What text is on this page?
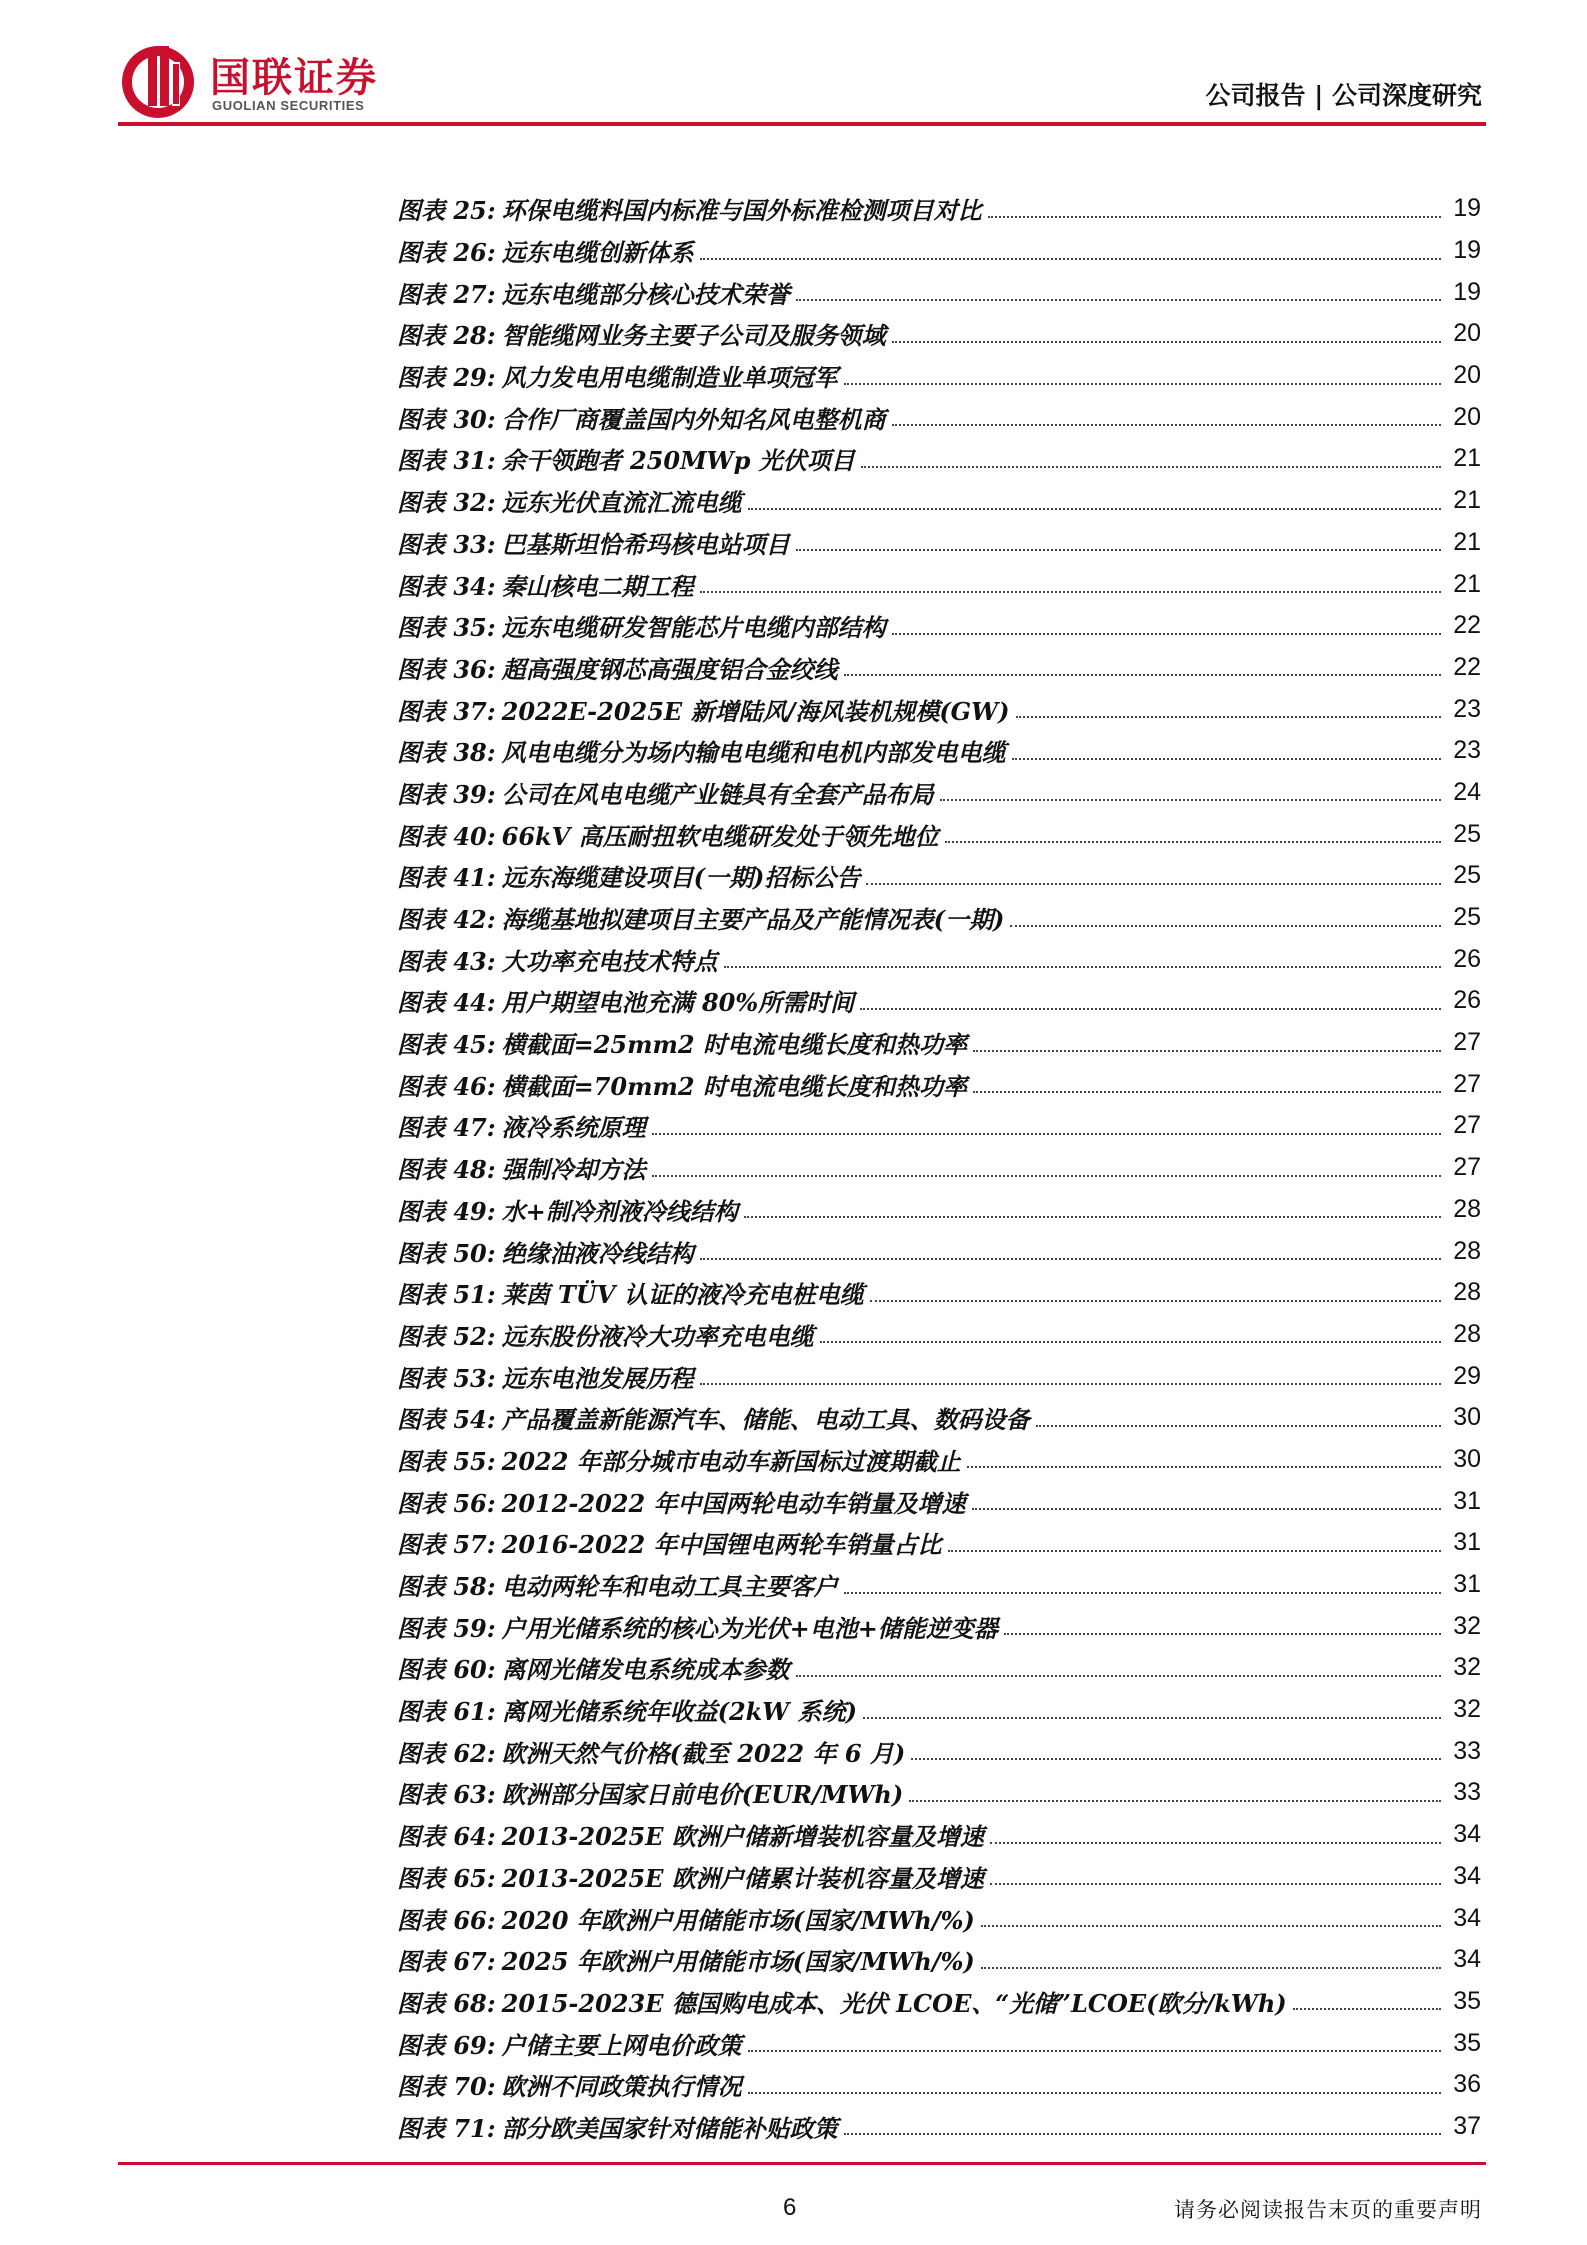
国联证券
GUOLIAN SECURITIES	公司报告 | 公司深度研究
图表 25: 环保电缆料国内标准与国外标准检测项目对比	19
图表 26: 远东电缆创新体系	19
图表 27: 远东电缆部分核心技术荣誉	19
图表 28: 智能缆网业务主要子公司及服务领域	20
图表 29: 风力发电用电缆制造业单项冠军	20
图表 30: 合作厂商覆盖国内外知名风电整机商	20
图表 31: 余干领跑者 250MWp 光伏项目	21
图表 32: 远东光伏直流汇流电缆	21
图表 33: 巴基斯坦恰希玛核电站项目	21
图表 34: 秦山核电二期工程	21
图表 35: 远东电缆研发智能芯片电缆内部结构	22
图表 36: 超高强度钢芯高强度铝合金绞线	22
图表 37: 2022E-2025E 新增陆风/海风装机规模(GW)	23
图表 38: 风电电缆分为场内输电电缆和电机内部发电电缆	23
图表 39: 公司在风电电缆产业链具有全套产品布局	24
图表 40: 66kV 高压耐扭软电缆研发处于领先地位	25
图表 41: 远东海缆建设项目(一期)招标公告	25
图表 42: 海缆基地拟建项目主要产品及产能情况表(一期)	25
图表 43: 大功率充电技术特点	26
图表 44: 用户期望电池充满 80%所需时间	26
图表 45: 横截面=25mm2 时电流电缆长度和热功率	27
图表 46: 横截面=70mm2 时电流电缆长度和热功率	27
图表 47: 液冷系统原理	27
图表 48: 强制冷却方法	27
图表 49: 水+制冷剂液冷线结构	28
图表 50: 绝缘油液冷线结构	28
图表 51: 莱茵 TÜV 认证的液冷充电桩电缆	28
图表 52: 远东股份液冷大功率充电电缆	28
图表 53: 远东电池发展历程	29
图表 54: 产品覆盖新能源汽车、储能、电动工具、数码设备	30
图表 55: 2022 年部分城市电动车新国标过渡期截止	30
图表 56: 2012-2022 年中国两轮电动车销量及增速	31
图表 57: 2016-2022 年中国锂电两轮车销量占比	31
图表 58: 电动两轮车和电动工具主要客户	31
图表 59: 户用光储系统的核心为光伏+电池+储能逆变器	32
图表 60: 离网光储发电系统成本参数	32
图表 61: 离网光储系统年收益(2kW 系统)	32
图表 62: 欧洲天然气价格(截至 2022 年 6 月)	33
图表 63: 欧洲部分国家日前电价(EUR/MWh)	33
图表 64: 2013-2025E 欧洲户储新增装机容量及增速	34
图表 65: 2013-2025E 欧洲户储累计装机容量及增速	34
图表 66: 2020 年欧洲户用储能市场(国家/MWh/%)	34
图表 67: 2025 年欧洲户用储能市场(国家/MWh/%)	34
图表 68: 2015-2023E 德国购电成本、光伏 LCOE、“光储”LCOE(欧分/kWh)	35
图表 69: 户储主要上网电价政策	35
图表 70: 欧洲不同政策执行情况	36
图表 71: 部分欧美国家针对储能补贴政策	37
6	请务必阅读报告末页的重要声明
